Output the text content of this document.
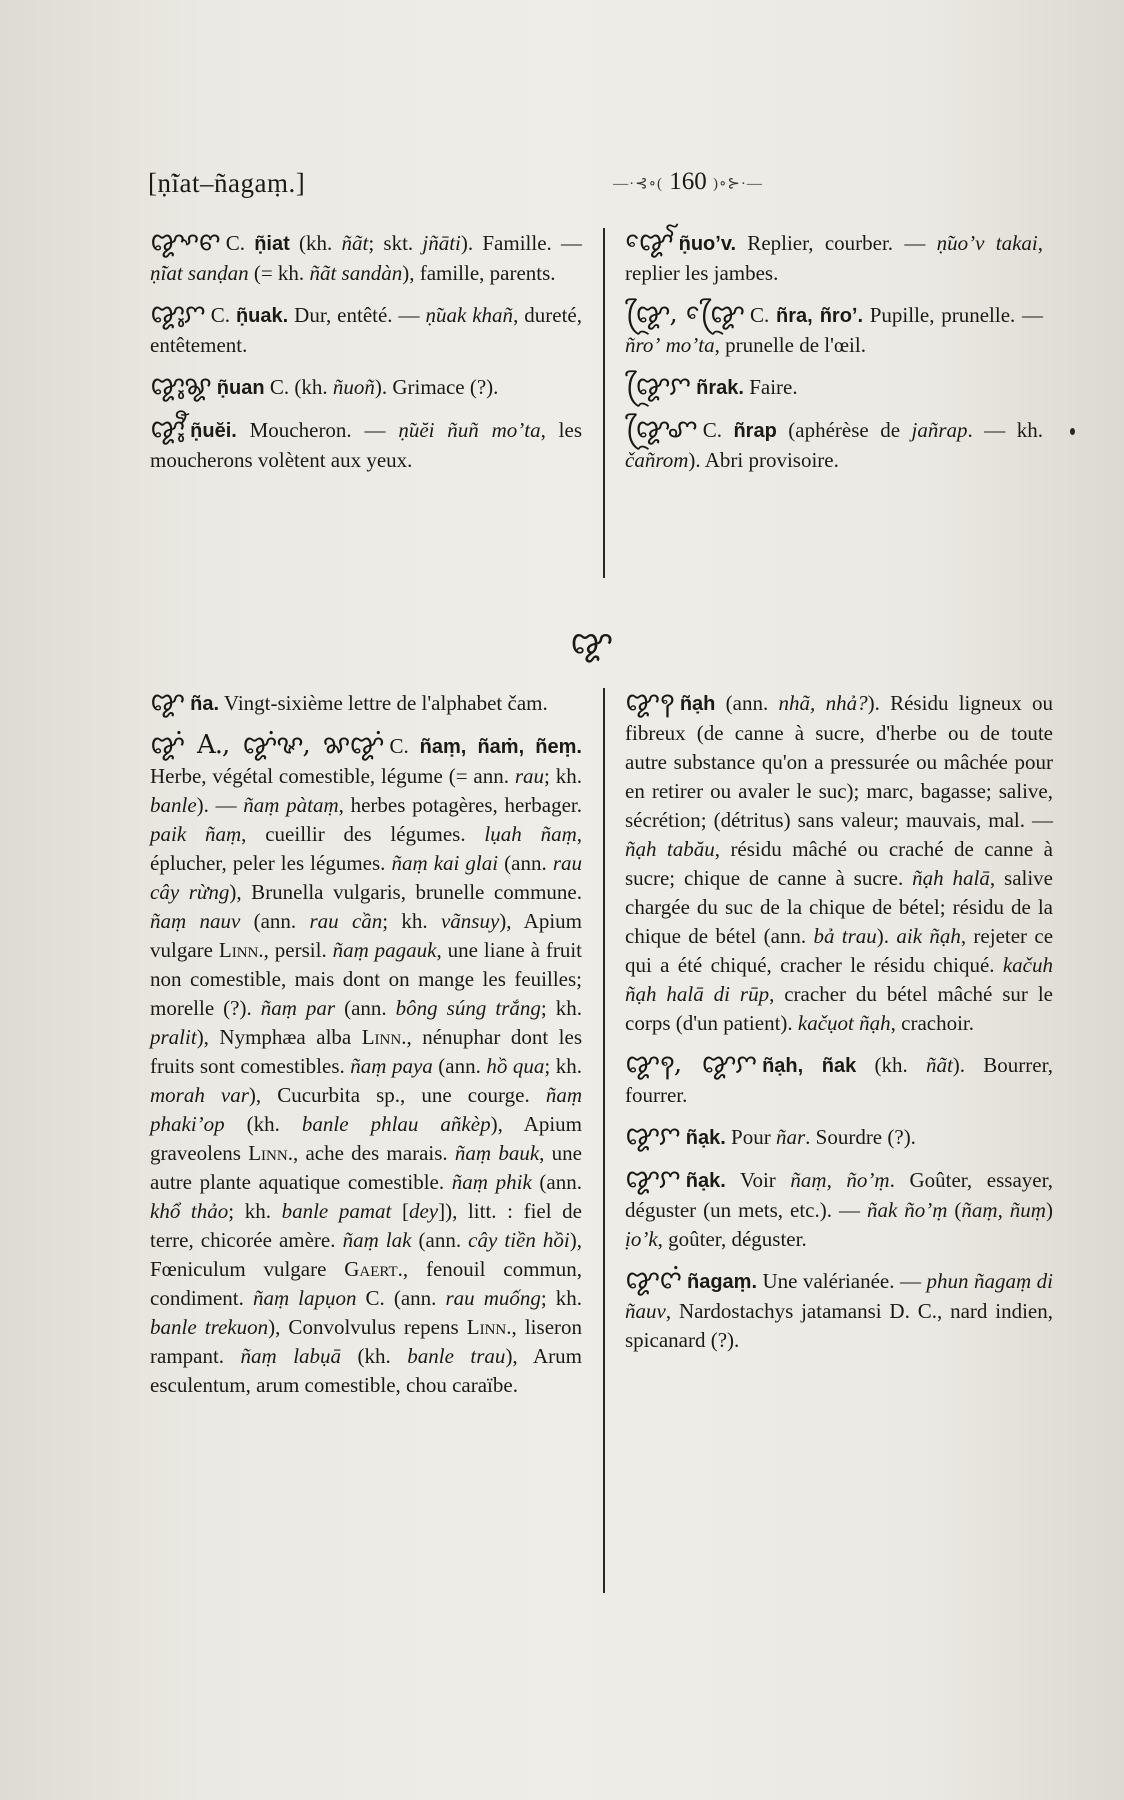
[ṇ̃iat–ñagaṃ.]	—·⊰∘( 160 )∘⊱·—

ꨑꨳꨓ C. ṇ̃iat (kh. ñãt; skt. jñāti). Famille. — ṇ̃iat sanḍan (= kh. ñãt sandàn), famille, parents.

ꨑꨶꨆ C. ṇ̃uak. Dur, entêté. — ṇ̃uak khañ, dureté, entêtement.

ꨑꨶꨘ ṇ̃uan C. (kh. ñuoñ). Grimace (?).

ꨑꨶꨬ ṇ̃uĕi. Moucheron. — ṇ̃uĕi ñuñ moʼta, les moucherons volètent aux yeux.

ꨑꨯꨱ ṇ̃uoʼv. Replier, courber. — ṇ̃uoʼv takai, replier les jambes.

ꨑꨴ, ꨑꨴꨯ C. ñra, ñroʼ. Pupille, prunelle. — ñroʼ moʼta, prunelle de l'œil.

ꨑꨴꨆ ñrak. Faire.

ꨑꨴꨚ C. ñrap (aphérèse de jañrap. — kh. čañrom). Abri provisoire.

ꨑ

ꨑ ña. Vingt-sixième lettre de l'alphabet čam.

ꨑꩌ A., ꨑꩌꨟ, ꨗꨑꩌ C. ñaṃ, ñaṁ, ñeṃ. Herbe, végétal comestible, légume (= ann. rau; kh. banle). — ñaṃ pàtaṃ, herbes potagères, herbager. paik ñaṃ, cueillir des légumes. lụah ñaṃ, éplucher, peler les légumes. ñaṃ kai glai (ann. rau cây rừng), Brunella vulgaris, brunelle commune. ñaṃ nauv (ann. rau cần; kh. vãnsuy), Apium vulgare Linn., persil. ñaṃ pagauk, une liane à fruit non comestible, mais dont on mange les feuilles; morelle (?). ñaṃ par (ann. bông súng trắng; kh. pralit), Nymphæa alba Linn., nénuphar dont les fruits sont comestibles. ñaṃ paya (ann. hồ qua; kh. morah var), Cucurbita sp., une courge. ñaṃ phakiʼop (kh. banle phlau añkèp), Apium graveolens Linn., ache des marais. ñaṃ bauk, une autre plante aquatique comestible. ñaṃ phik (ann. khổ thảo; kh. banle pamat [dey]), litt. : fiel de terre, chicorée amère. ñaṃ lak (ann. cây tiền hồi), Fœniculum vulgare Gaert., fenouil commun, condiment. ñaṃ lapụon C. (ann. rau muống; kh. banle trekuon), Convolvulus repens Linn., liseron rampant. ñaṃ labụā (kh. banle trau), Arum esculentum, arum comestible, chou caraïbe.

ꨑꩍ ñạh (ann. nhã, nhả?). Résidu ligneux ou fibreux (de canne à sucre, d'herbe ou de toute autre substance qu'on a pressurée ou mâchée pour en retirer ou avaler le suc); marc, bagasse; salive, sécrétion; (détritus) sans valeur; mauvais, mal. — ñạh tabău, résidu mâché ou craché de canne à sucre; chique de canne à sucre. ñạh halā, salive chargée du suc de la chique de bétel; résidu de la chique de bétel (ann. bả trau). aik ñạh, rejeter ce qui a été chiqué, cracher le résidu chiqué. kačuh ñạh halā di rūp, cracher du bétel mâché sur le corps (d'un patient). kačụot ñạh, crachoir.

ꨑꩍ, ꨑꨆ ñạh, ñak (kh. ñãt). Bourrer, fourrer.

ꨑꨆ ñạk. Pour ñar. Sourdre (?).

ꨑꨆ ñạk. Voir ñaṃ, ñoʼṃ. Goûter, essayer, déguster (un mets, etc.). — ñak ñoʼṃ (ñaṃ, ñuṃ) ịoʼk, goûter, déguster.

ꨑꨈꩌ ñagaṃ. Une valérianée. — phun ñagaṃ di ñauv, Nardostachys jatamansi D. C., nard indien, spicanard (?).
